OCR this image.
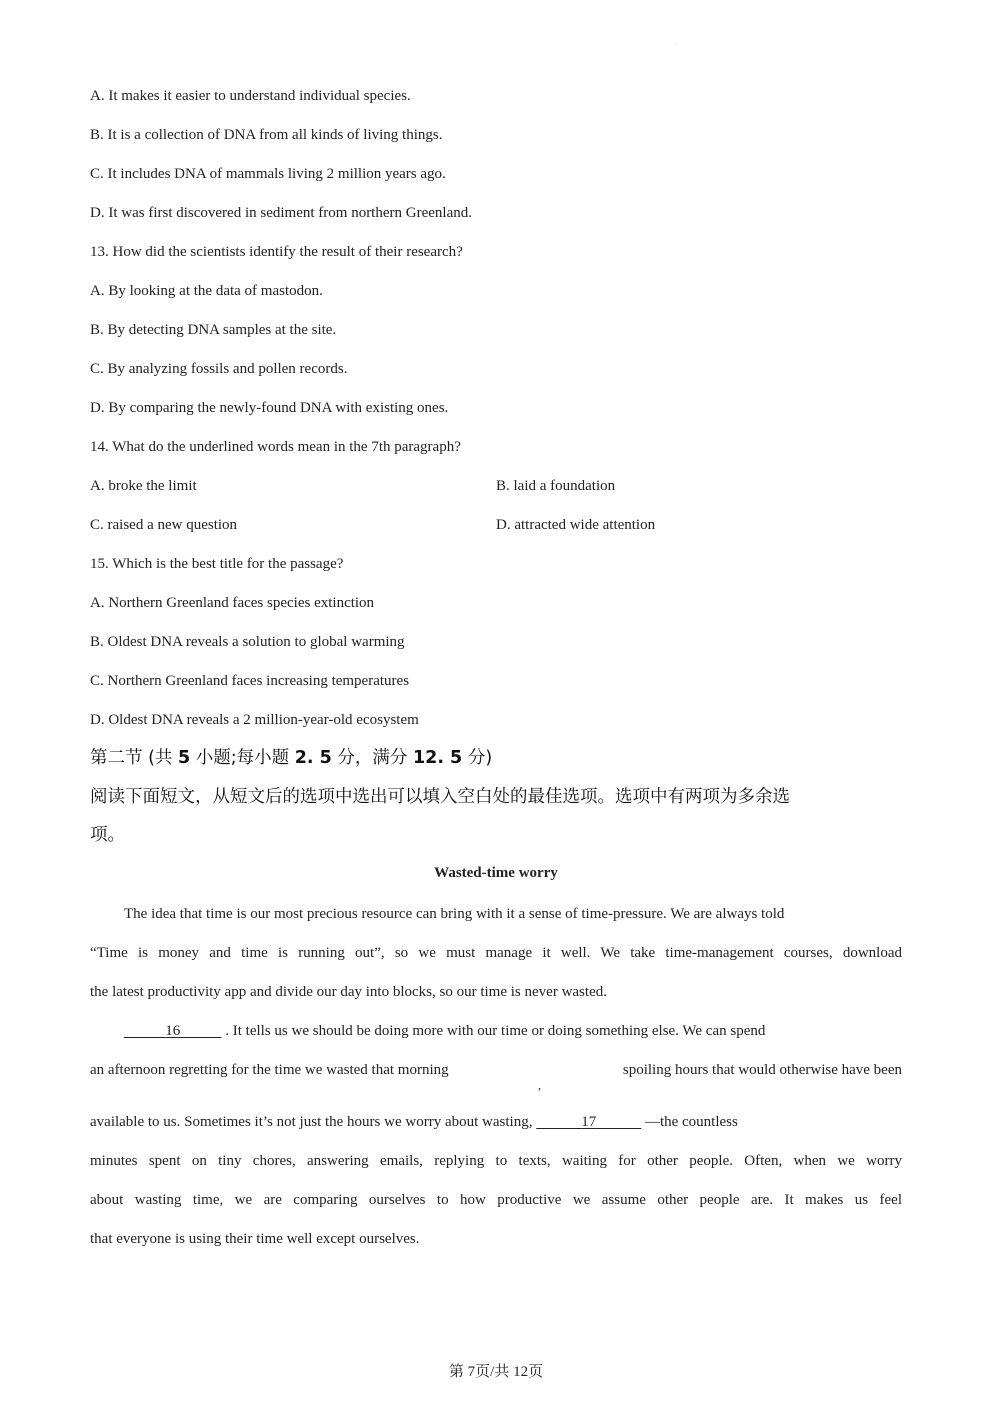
.
A. It makes it easier to understand individual species.
B. It is a collection of DNA from all kinds of living things.
C. It includes DNA of mammals living 2 million years ago.
D. It was first discovered in sediment from northern Greenland.
13. How did the scientists identify the result of their research?
A. By looking at the data of mastodon.
B. By detecting DNA samples at the site.
C. By analyzing fossils and pollen records.
D. By comparing the newly-found DNA with existing ones.
14. What do the underlined words mean in the 7th paragraph?
A. broke the limit	B. laid a foundation
C. raised a new question	D. attracted wide attention
15. Which is the best title for the passage?
A. Northern Greenland faces species extinction
B. Oldest DNA reveals a solution to global warming
C. Northern Greenland faces increasing temperatures
D. Oldest DNA reveals a 2 million-year-old ecosystem
第二节 (共 5 小题;每小题 2. 5 分，满分 12. 5 分)
阅读下面短文，从短文后的选项中选出可以填入空白处的最佳选项。选项中有两项为多余选
项。
Wasted-time worry
The idea that time is our most precious resource can bring with it a sense of time-pressure. We are always told
“Time is money and time is running out”, so we must manage it well. We take time-management courses, download
the latest productivity app and divide our day into blocks, so our time is never wasted.
16	. It tells us we should be doing more with our time or doing something else. We can spend
an afternoon regretting for the time we wasted that morning
,
spoiling hours that would otherwise have been
available to us. Sometimes it’s not just the hours we worry about wasting,	17	—the countless
minutes spent on tiny chores, answering emails, replying to texts, waiting for other people. Often, when we worry
about wasting time, we are comparing ourselves to how productive we assume other people are. It makes us feel
that everyone is using their time well except ourselves.
第 7页/共 12页
